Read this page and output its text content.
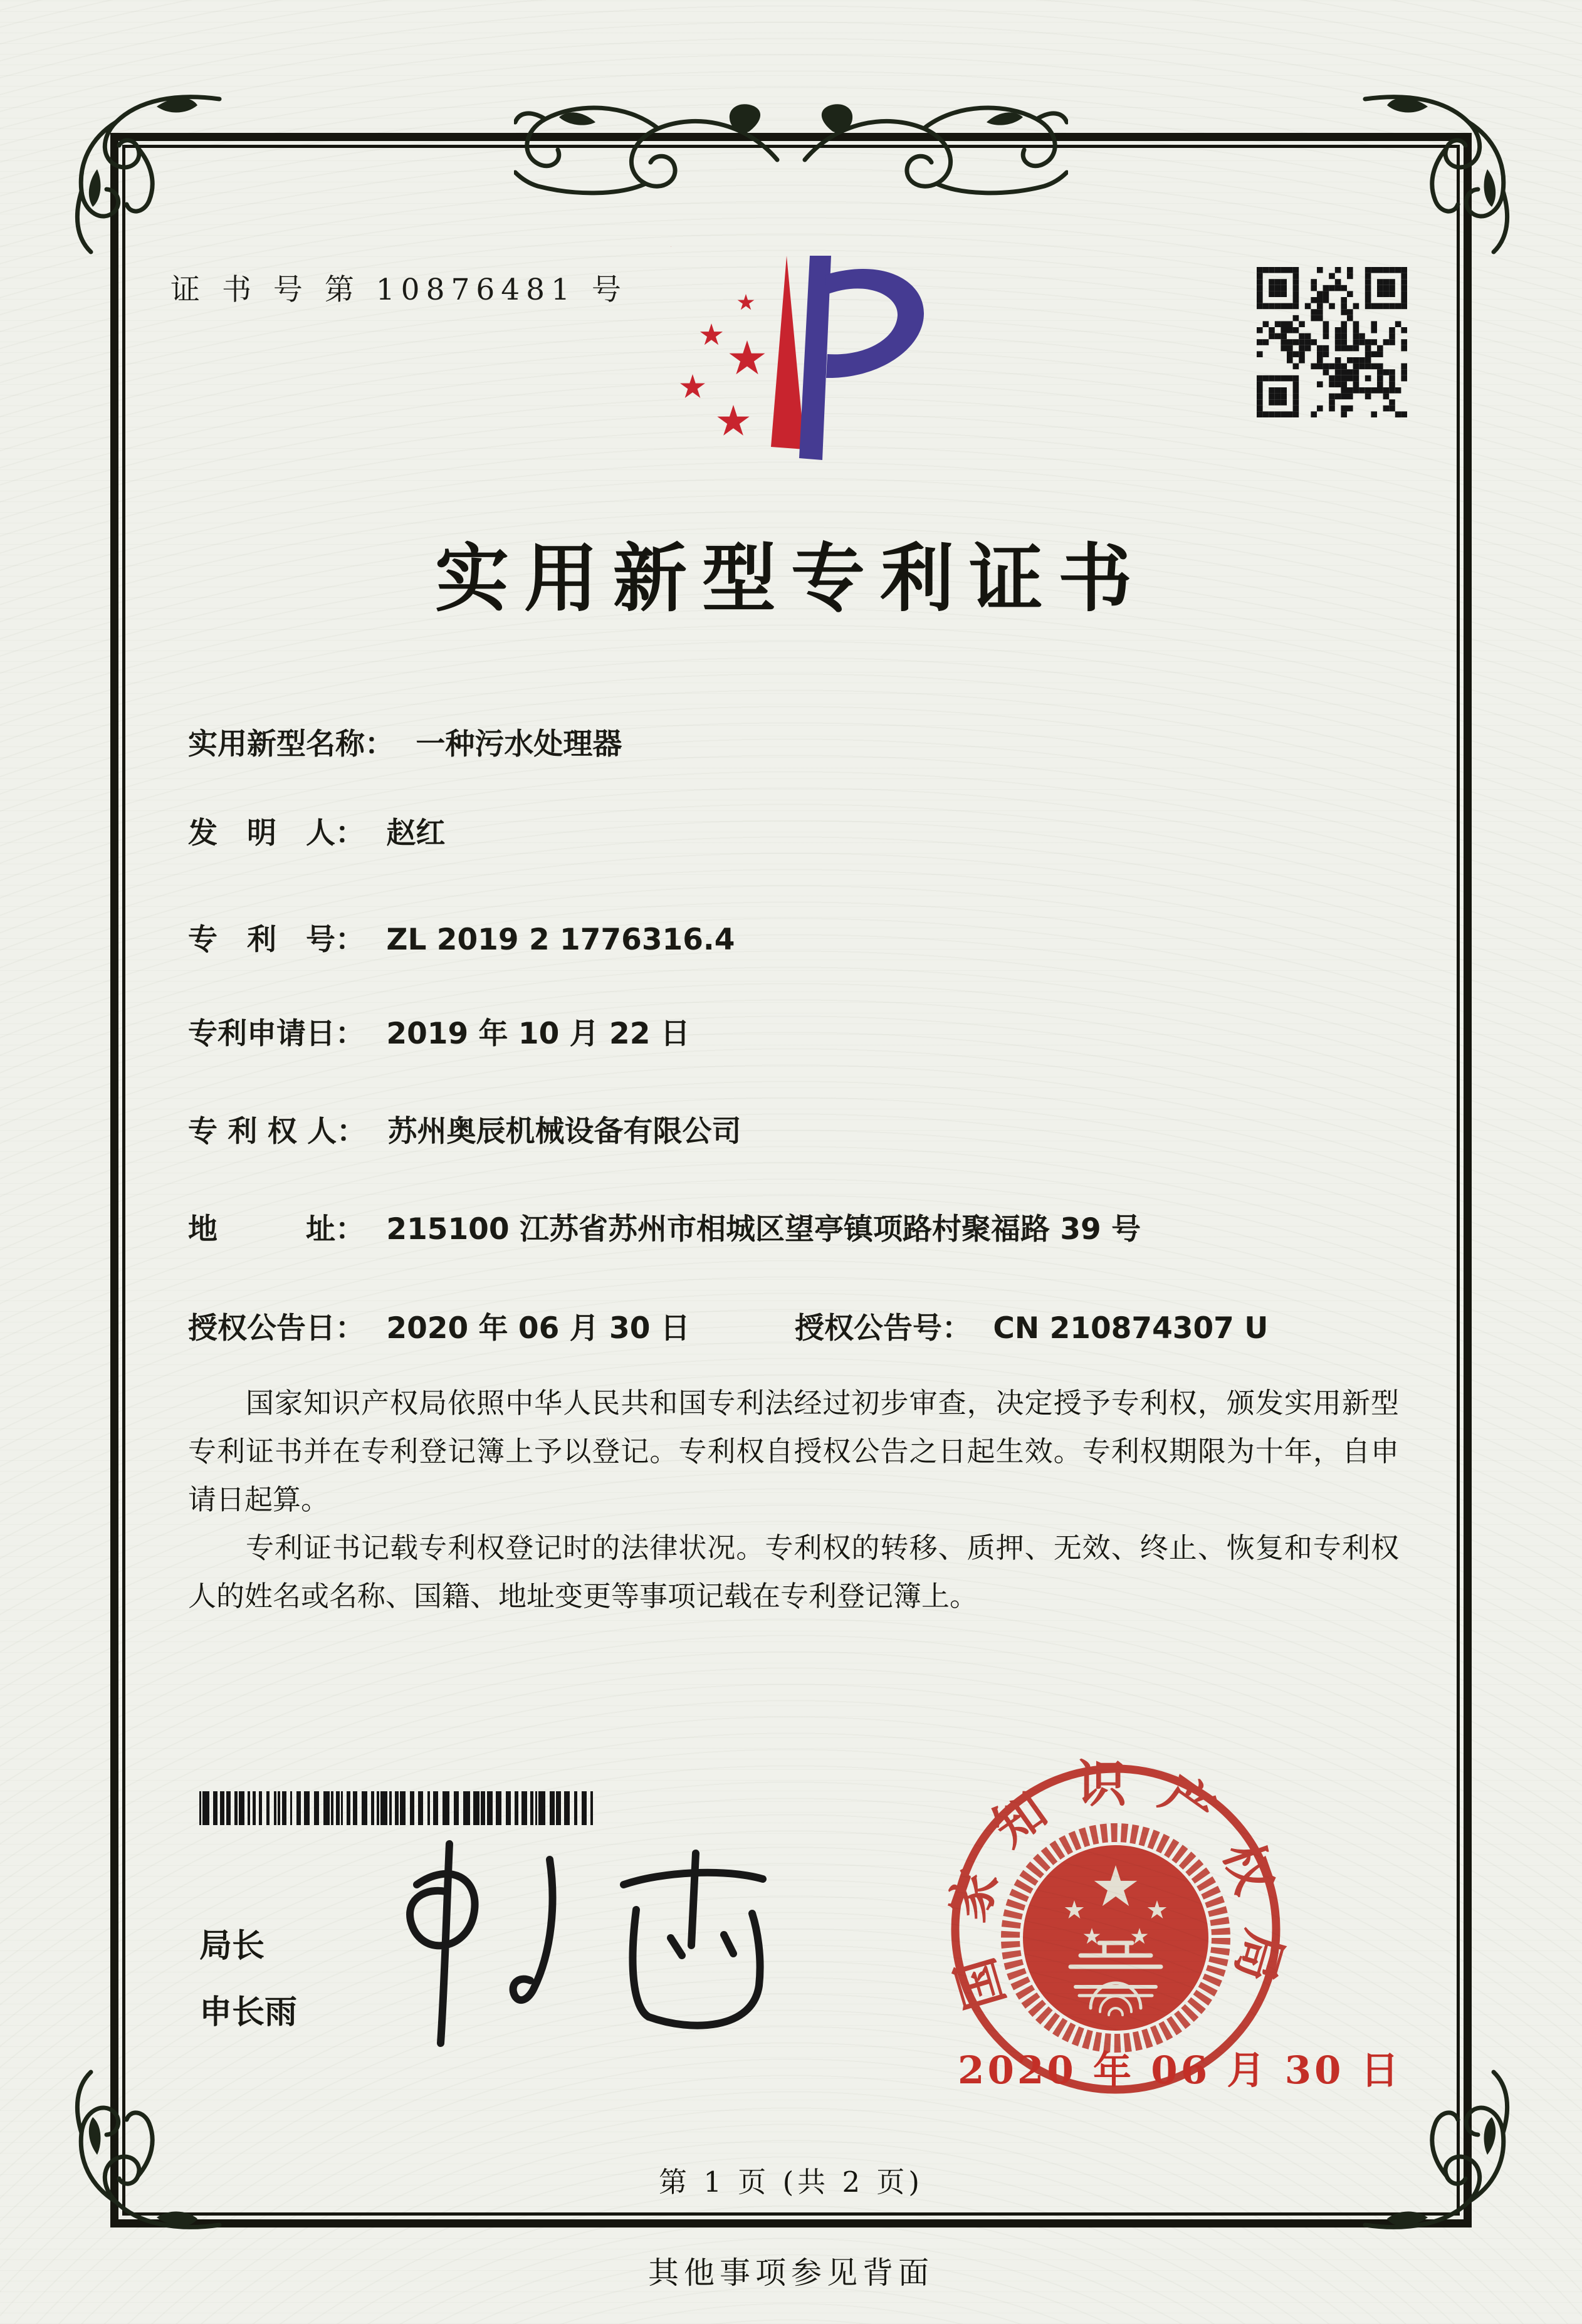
证 书 号 第 10876481 号
实用新型专利证书
实用新型名称： 一种污水处理器
发　明　人： 赵红
专　利　号： ZL 2019 2 1776316.4
专利申请日： 2019 年 10 月 22 日
专 利 权 人： 苏州奥辰机械设备有限公司
地　　　址： 215100 江苏省苏州市相城区望亭镇项路村聚福路 39 号
授权公告日： 2020 年 06 月 30 日	授权公告号： CN 210874307 U

国家知识产权局依照中华人民共和国专利法经过初步审查，决定授予专利权，颁发实用新型专利证书并在专利登记簿上予以登记。专利权自授权公告之日起生效。专利权期限为十年，自申请日起算。

专利证书记载专利权登记时的法律状况。专利权的转移、质押、无效、终止、恢复和专利权人的姓名或名称、国籍、地址变更等事项记载在专利登记簿上。

局长
申长雨	国家知识产权局
2020 年 06 月 30 日
第 1 页 (共 2 页)
其他事项参见背面
